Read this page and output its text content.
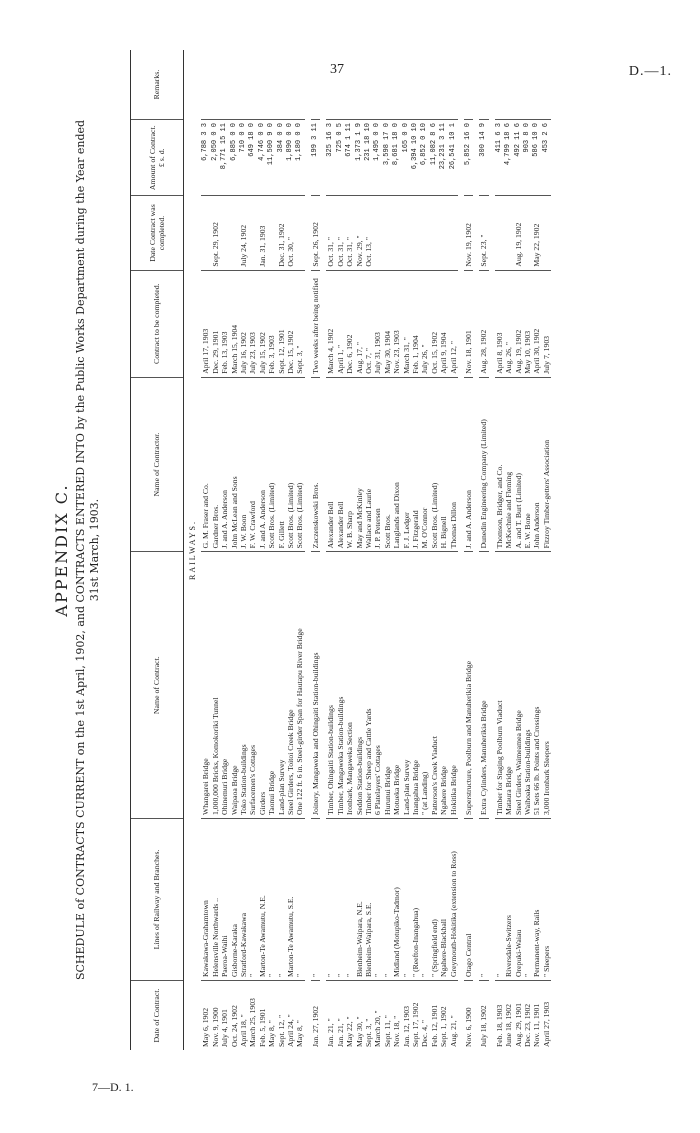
37	D.—1.
7—D. 1.

APPENDIX C. SCHEDULE of CONTRACTS CURRENT on the 1st April, 1902, and CONTRACTS ENTERED INTO by the Public Works Department during the Year ended 31st March, 1903.

Date of Contract.	Lines of Railway and Branches.	Name of Contract.	Name of Contractor.	Contract to be completed.	Date Contract was completed.	Amount of Contract.
£ s. d.	Remarks.
RAILWAYS.							
May 6, 1902	Kawakawa-Grahamtown	Whangarei Bridge	G. M. Fraser and Co.	April 17, 1903		6,788 3 3	
Nov. 9, 1900	Helensville Northwards ..	1,000,000 Bricks, Komokoriki Tunnel	Gardner Bros.	Dec. 29, 1901	Sept. 29, 1902	2,050 0 0	
July 4, 1901	Paeroa-Waihi	Ohinemuri Bridge	J. and A. Anderson	Feb. 13, 1903		8,771 15 11	
Oct. 24, 1902	Gisborne-Karaka	Waipaoa Bridge	John McLean and Sons	March 15, 1904		6,885 0 0	
April 18, "	Stratford-Kawakawa	Toko Station-buildings	J. W. Boon	July 16, 1902	July 24, 1902	710 0 0	
March 25, 1903	"	Surfacemen's Cottages	F. W. Crawford	July 23, 1903		649 18 0	
Feb. 5, 1901	Marton-Te Awamutu, N.E.	Girders	J. and A. Anderson	July 15, 1902	Jan. 31, 1903	4,746 0 0	
May 8, "	"	Taonui Bridge	Scott Bros. (Limited)	Feb. 3, 1903		11,500 9 0	
Sept. 12, "	"	Land-plan Survey	F. Gillett	Sept. 12, 1901	Dec. 31, 1902	384 0 0	
April 24, "	Marton-Te Awamutu, S.E.	Steel Girders, Toitoi Creek Bridge	Scott Bros. (Limited)	Dec. 15, 1902	Oct. 30, "	1,890 0 0	
May 8, "	"	One 122 ft. 6 in. Steel-girder Span for Hautapu River Bridge	Scott Bros. (Limited)	Sept. 3, "		1,180 0 0	

Jan. 27, 1902	"	Joinery, Mangaweka and Ohingaiti Station-buildings	Zaczenskowski Bros.	Two weeks after being notified	Sept. 26, 1902	199 3 11	

Jan. 21, "	"	Timber, Ohingaiti Station-buildings	Alexander Bell	March 4, 1902	Oct. 31, "	325 16 3	
Jan. 21, "	"	Timber, Mangaweka Station-buildings	Alexander Bell	April 1, "	Oct. 31, "	725 0 5	
May 22, "	"	Ironbark, Mangaweka Section	W. B. Sharp	Dec. 6, 1902	Oct. 31, "	674 1 11	
May 30, "	Blenheim-Waipara, N.E.	Seddon Station-buildings	May and McKinley	Aug. 17, "	Nov. 29, "	1,373 1 9	
Sept. 3, "	Blenheim-Waipara, S.E.	Timber for Sheep and Cattle Yards	Wallace and Laurie	Oct. 7, "	Oct. 13, "	231 18 10	
March 20, "	"	6 Platelayers' Cottages	J. P. Petersen	July 31, 1903		1,495 0 0	
Sept. 11, "	"	Hurunui Bridge	Scott Bros.	May 30, 1904		3,598 17 0	
Nov. 18, "	Midland (Motupiko-Tadmor)	Motueka Bridge	Langlands and Dixon	Nov. 23, 1903		8,681 18 0	
Jan. 12, 1903	"	Land-plan Survey	F. J. Ledger	March 31, "		165 0 0	
Sept. 17, 1902	" (Reefton-Inangahua)	Inangahua Bridge	J. Fitzgerald	Feb. 1, 1904		6,394 10 10	
Dec. 4, "	"	" (at Landing)	M. O'Connor	July 26, "		6,852 0 10	
Feb. 12, 1901	" (Springfield end)	Patterson's Creek Viaduct	Scott Bros. (Limited)	Oct. 15, 1902		11,082 8 6	
Sept. 1, 1902	Ngahere-Blackball	Ngahere Bridge	H. Bignell	April 9, 1904		23,231 3 11	
Aug. 21, "	Greymouth-Hokitika (extension to Ross)	Hokitika Bridge	Thomas Dillon	April 12, "		26,541 10 1	

Nov. 6, 1900	Otago Central	Superstructure, Poolburn and Manuherikia Bridge	J. and A. Anderson	Nov. 18, 1901	Nov. 19, 1902	5,852 16 0	

July 18, 1902	"	Extra Cylinders, Manuherikia Bridge	Dunedin Engineering Company (Limited)	Aug. 28, 1902	Sept. 23, "	300 14 9	

Feb. 18, 1903	"	Timber for Staging Poolburn Viaduct	Thomson, Bridger, and Co.	April 8, 1903		411 6 3	
June 18, 1902	Riversdale-Switzers	Mataura Bridge	McKechnie and Fleming	Aug. 26, "		4,799 18 6	
Aug. 29, 1901	Orepuki-Waiau	Steel Girders, Waimeamea Bridge	A. and T. Burt (Limited)	Aug. 19, 1902	Aug. 19, 1902	492 11 6	
Dec. 23, 1902	"	Waihoaka Station-buildings	E. W. Bone	May 10, 1903		903 8 0	
Nov. 11, 1901	Permanent-way, Rails	51 Sets 66 lb. Points and Crossings	John Anderson	April 30, 1902	May 22, 1902	586 10 0	
April 27, 1903	" Sleepers	3,000 Ironbark Sleepers	Fitzroy Timber-getters' Association	July 7, 1903		453 2 6	
